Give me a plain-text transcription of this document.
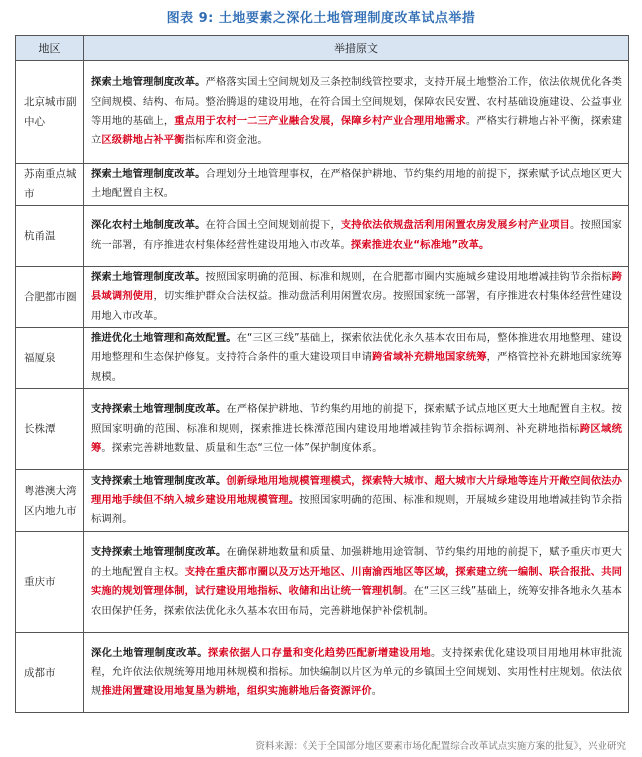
图表 9: 土地要素之深化土地管理制度改革试点举措
地区	举措原文
北京城市副中心	探索土地管理制度改革。严格落实国土空间规划及三条控制线管控要求，支持开展土地整治工作，依法依规优化各类空间规模、结构、布局。整治腾退的建设用地，在符合国土空间规划，保障农民安置、农村基础设施建设、公益事业等用地的基础上，重点用于农村一二三产业融合发展，保障乡村产业合理用地需求。严格实行耕地占补平衡，探索建立区级耕地占补平衡指标库和资金池。
苏南重点城市	探索土地管理制度改革。合理划分土地管理事权，在严格保护耕地、节约集约用地的前提下，探索赋予试点地区更大土地配置自主权。
杭甬温	深化农村土地制度改革。在符合国土空间规划前提下，支持依法依规盘活利用闲置农房发展乡村产业项目。按照国家统一部署，有序推进农村集体经营性建设用地入市改革。探索推进农业“标准地”改革。
合肥都市圈	探索土地管理制度改革。按照国家明确的范围、标准和规则，在合肥都市圈内实施城乡建设用地增减挂钩节余指标跨县域调剂使用，切实维护群众合法权益。推动盘活利用闲置农房。按照国家统一部署，有序推进农村集体经营性建设用地入市改革。
福厦泉	推进优化土地管理和高效配置。在“三区三线”基础上，探索依法优化永久基本农田布局，整体推进农用地整理、建设用地整理和生态保护修复。支持符合条件的重大建设项目申请跨省域补充耕地国家统筹，严格管控补充耕地国家统筹规模。
长株潭	支持探索土地管理制度改革。在严格保护耕地、节约集约用地的前提下，探索赋予试点地区更大土地配置自主权。按照国家明确的范围、标准和规则，探索推进长株潭范围内建设用地增减挂钩节余指标调剂、补充耕地指标跨区域统筹。探索完善耕地数量、质量和生态“三位一体”保护制度体系。
粤港澳大湾区内地九市	支持探索土地管理制度改革。创新绿地用地规模管理模式，探索特大城市、超大城市大片绿地等连片开敞空间依法办理用地手续但不纳入城乡建设用地规模管理。按照国家明确的范围、标准和规则，开展城乡建设用地增减挂钩节余指标调剂。
重庆市	支持探索土地管理制度改革。在确保耕地数量和质量、加强耕地用途管制、节约集约用地的前提下，赋予重庆市更大的土地配置自主权。支持在重庆都市圈以及万达开地区、川南渝西地区等区域，探索建立统一编制、联合报批、共同实施的规划管理体制，试行建设用地指标、收储和出让统一管理机制。在“三区三线”基础上，统筹安排各地永久基本农田保护任务，探索依法优化永久基本农田布局，完善耕地保护补偿机制。
成都市	深化土地管理制度改革。探索依据人口存量和变化趋势匹配新增建设用地。支持探索优化建设项目用地用林审批流程，允许依法依规统筹用地用林规模和指标。加快编制以片区为单元的乡镇国土空间规划、实用性村庄规划。依法依规推进闲置建设用地复垦为耕地，组织实施耕地后备资源评价。
资料来源：《关于全国部分地区要素市场化配置综合改革试点实施方案的批复》，兴业研究
